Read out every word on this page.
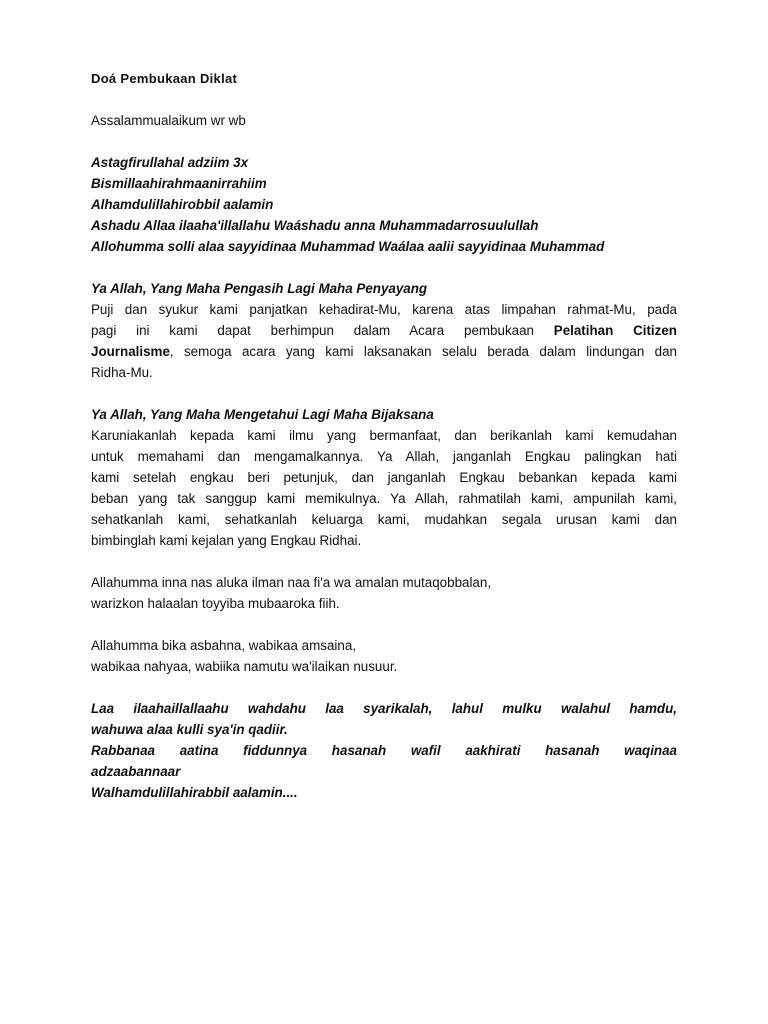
Doá Pembukaan Diklat
Assalammualaikum wr wb
Astagfirullahal adziim 3x
Bismillaahirahmaanirrahiim
Alhamdulillahirobbil aalamin
Ashadu Allaa ilaaha'illallahu Waáshadu anna Muhammadarrosuulullah
Allohumma solli alaa sayyidinaa Muhammad Waálaa aalii sayyidinaa Muhammad
Ya Allah, Yang Maha Pengasih Lagi Maha Penyayang
Puji dan syukur kami panjatkan kehadirat-Mu, karena atas limpahan rahmat-Mu, pada
pagi ini kami dapat berhimpun dalam Acara pembukaan Pelatihan Citizen
Journalisme, semoga acara yang kami laksanakan selalu berada dalam lindungan dan
Ridha-Mu.
Ya Allah, Yang Maha Mengetahui Lagi Maha Bijaksana
Karuniakanlah kepada kami ilmu yang bermanfaat, dan berikanlah kami kemudahan
untuk memahami dan mengamalkannya. Ya Allah, janganlah Engkau palingkan hati
kami setelah engkau beri petunjuk, dan janganlah Engkau bebankan kepada kami
beban yang tak sanggup kami memikulnya. Ya Allah, rahmatilah kami, ampunilah kami,
sehatkanlah kami, sehatkanlah keluarga kami, mudahkan segala urusan kami dan
bimbinglah kami kejalan yang Engkau Ridhai.
Allahumma inna nas aluka ilman naa fi'a wa amalan mutaqobbalan,
warizkon halaalan toyyiba mubaaroka fiih.
Allahumma bika asbahna, wabikaa amsaina,
wabikaa nahyaa, wabiika namutu wa'ilaikan nusuur.
Laa ilaahaillallaahu wahdahu laa syarikalah, lahul mulku walahul hamdu,
wahuwa alaa kulli sya'in qadiir.
Rabbanaa aatina fiddunnya hasanah wafil aakhirati hasanah waqinaa
adzaabannaar
Walhamdulillahirabbil aalamin....
